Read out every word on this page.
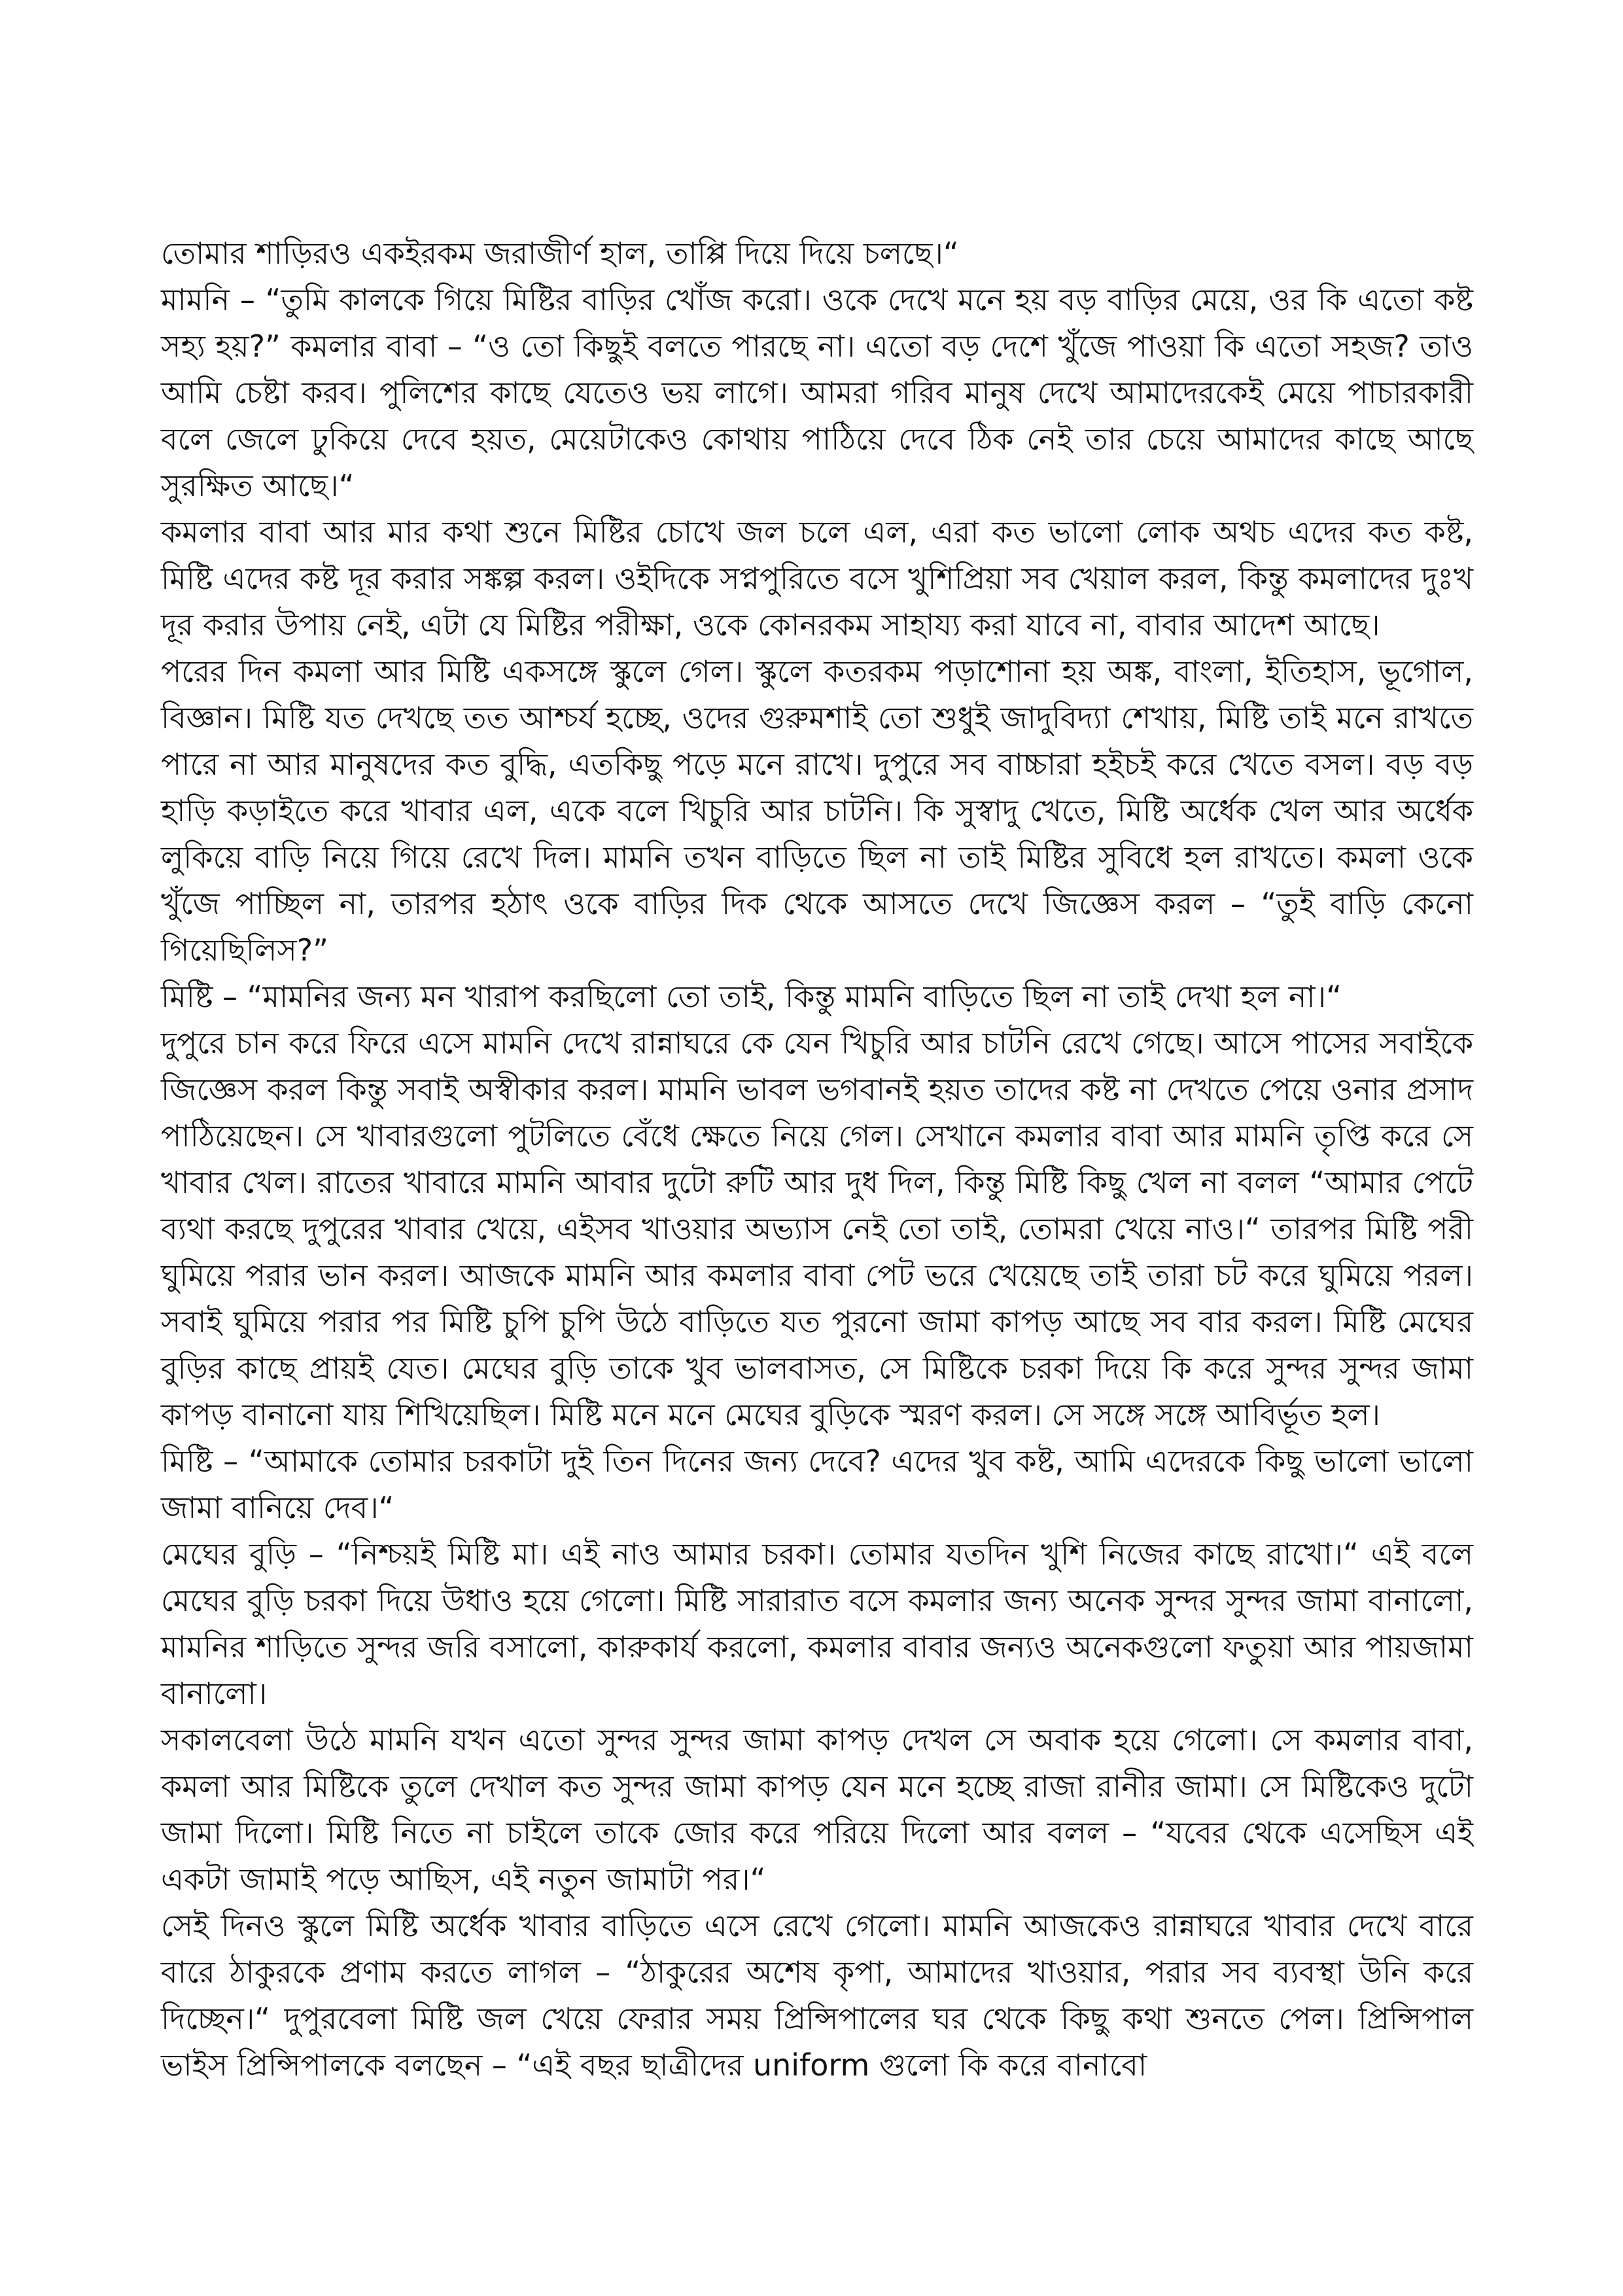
তোমার শাড়িরও একইরকম জরাজীর্ণ হাল, তাপ্পি দিয়ে দিয়ে চলছে।“

মামনি – “তুমি কালকে গিয়ে মিষ্টির বাড়ির খোঁজ করো। ওকে দেখে মনে হয় বড় বাড়ির মেয়ে, ওর কি এতো কষ্ট সহ্য হয়?” কমলার বাবা – “ও তো কিছুই বলতে পারছে না। এতো বড় দেশে খুঁজে পাওয়া কি এতো সহজ? তাও আমি চেষ্টা করব। পুলিশের কাছে যেতেও ভয় লাগে। আমরা গরিব মানুষ দেখে আমাদেরকেই মেয়ে পাচারকারী বলে জেলে ঢুকিয়ে দেবে হয়ত, মেয়েটাকেও কোথায় পাঠিয়ে দেবে ঠিক নেই তার চেয়ে আমাদের কাছে আছে সুরক্ষিত আছে।“

কমলার বাবা আর মার কথা শুনে মিষ্টির চোখে জল চলে এল, এরা কত ভালো লোক অথচ এদের কত কষ্ট, মিষ্টি এদের কষ্ট দূর করার সঙ্কল্প করল। ওইদিকে সপ্নপুরিতে বসে খুশিপ্রিয়া সব খেয়াল করল, কিন্তু কমলাদের দুঃখ দূর করার উপায় নেই, এটা যে মিষ্টির পরীক্ষা, ওকে কোনরকম সাহায্য করা যাবে না, বাবার আদেশ আছে।

পরের দিন কমলা আর মিষ্টি একসঙ্গে স্কুলে গেল। স্কুলে কতরকম পড়াশোনা হয় অঙ্ক, বাংলা, ইতিহাস, ভূগোল, বিজ্ঞান। মিষ্টি যত দেখছে তত আশ্চর্য হচ্ছে, ওদের গুরুমশাই তো শুধুই জাদুবিদ্যা শেখায়, মিষ্টি তাই মনে রাখতে পারে না আর মানুষদের কত বুদ্ধি, এতকিছু পড়ে মনে রাখে। দুপুরে সব বাচ্চারা হইচই করে খেতে বসল। বড় বড় হাড়ি কড়াইতে করে খাবার এল, একে বলে খিচুরি আর চাটনি। কি সুস্বাদু খেতে, মিষ্টি অর্ধেক খেল আর অর্ধেক লুকিয়ে বাড়ি নিয়ে গিয়ে রেখে দিল। মামনি তখন বাড়িতে ছিল না তাই মিষ্টির সুবিধে হল রাখতে। কমলা ওকে খুঁজে পাচ্ছিল না, তারপর হঠাৎ ওকে বাড়ির দিক থেকে আসতে দেখে জিজ্ঞেস করল – “তুই বাড়ি কেনো গিয়েছিলিস?”

মিষ্টি – “মামনির জন্য মন খারাপ করছিলো তো তাই, কিন্তু মামনি বাড়িতে ছিল না তাই দেখা হল না।“

দুপুরে চান করে ফিরে এসে মামনি দেখে রান্নাঘরে কে যেন খিচুরি আর চাটনি রেখে গেছে। আসে পাসের সবাইকে জিজ্ঞেস করল কিন্তু সবাই অস্বীকার করল। মামনি ভাবল ভগবানই হয়ত তাদের কষ্ট না দেখতে পেয়ে ওনার প্রসাদ পাঠিয়েছেন। সে খাবারগুলো পুটলিতে বেঁধে ক্ষেতে নিয়ে গেল। সেখানে কমলার বাবা আর মামনি তৃপ্তি করে সে খাবার খেল। রাতের খাবারে মামনি আবার দুটো রুটি আর দুধ দিল, কিন্তু মিষ্টি কিছু খেল না বলল “আমার পেটে ব্যথা করছে দুপুরের খাবার খেয়ে, এইসব খাওয়ার অভ্যাস নেই তো তাই, তোমরা খেয়ে নাও।“ তারপর মিষ্টি পরী ঘুমিয়ে পরার ভান করল। আজকে মামনি আর কমলার বাবা পেট ভরে খেয়েছে তাই তারা চট করে ঘুমিয়ে পরল। সবাই ঘুমিয়ে পরার পর মিষ্টি চুপি চুপি উঠে বাড়িতে যত পুরনো জামা কাপড় আছে সব বার করল। মিষ্টি মেঘের বুড়ির কাছে প্রায়ই যেত। মেঘের বুড়ি তাকে খুব ভালবাসত, সে মিষ্টিকে চরকা দিয়ে কি করে সুন্দর সুন্দর জামা কাপড় বানানো যায় শিখিয়েছিল। মিষ্টি মনে মনে মেঘের বুড়িকে স্মরণ করল। সে সঙ্গে সঙ্গে আবির্ভূত হল।

মিষ্টি – “আমাকে তোমার চরকাটা দুই তিন দিনের জন্য দেবে? এদের খুব কষ্ট, আমি এদেরকে কিছু ভালো ভালো জামা বানিয়ে দেব।“

মেঘের বুড়ি – “নিশ্চয়ই মিষ্টি মা। এই নাও আমার চরকা। তোমার যতদিন খুশি নিজের কাছে রাখো।“ এই বলে মেঘের বুড়ি চরকা দিয়ে উধাও হয়ে গেলো। মিষ্টি সারারাত বসে কমলার জন্য অনেক সুন্দর সুন্দর জামা বানালো, মামনির শাড়িতে সুন্দর জরি বসালো, কারুকার্য করলো, কমলার বাবার জন্যও অনেকগুলো ফতুয়া আর পায়জামা বানালো।

সকালবেলা উঠে মামনি যখন এতো সুন্দর সুন্দর জামা কাপড় দেখল সে অবাক হয়ে গেলো। সে কমলার বাবা, কমলা আর মিষ্টিকে তুলে দেখাল কত সুন্দর জামা কাপড় যেন মনে হচ্ছে রাজা রানীর জামা। সে মিষ্টিকেও দুটো জামা দিলো। মিষ্টি নিতে না চাইলে তাকে জোর করে পরিয়ে দিলো আর বলল – “যবের থেকে এসেছিস এই একটা জামাই পড়ে আছিস, এই নতুন জামাটা পর।“

সেই দিনও স্কুলে মিষ্টি অর্ধেক খাবার বাড়িতে এসে রেখে গেলো। মামনি আজকেও রান্নাঘরে খাবার দেখে বারে বারে ঠাকুরকে প্রণাম করতে লাগল – “ঠাকুরের অশেষ কৃপা, আমাদের খাওয়ার, পরার সব ব্যবস্থা উনি করে দিচ্ছেন।“ দুপুরবেলা মিষ্টি জল খেয়ে ফেরার সময় প্রিন্সিপালের ঘর থেকে কিছু কথা শুনতে পেল। প্রিন্সিপাল ভাইস প্রিন্সিপালকে বলছেন – “এই বছর ছাত্রীদের uniform গুলো কি করে বানাবো
